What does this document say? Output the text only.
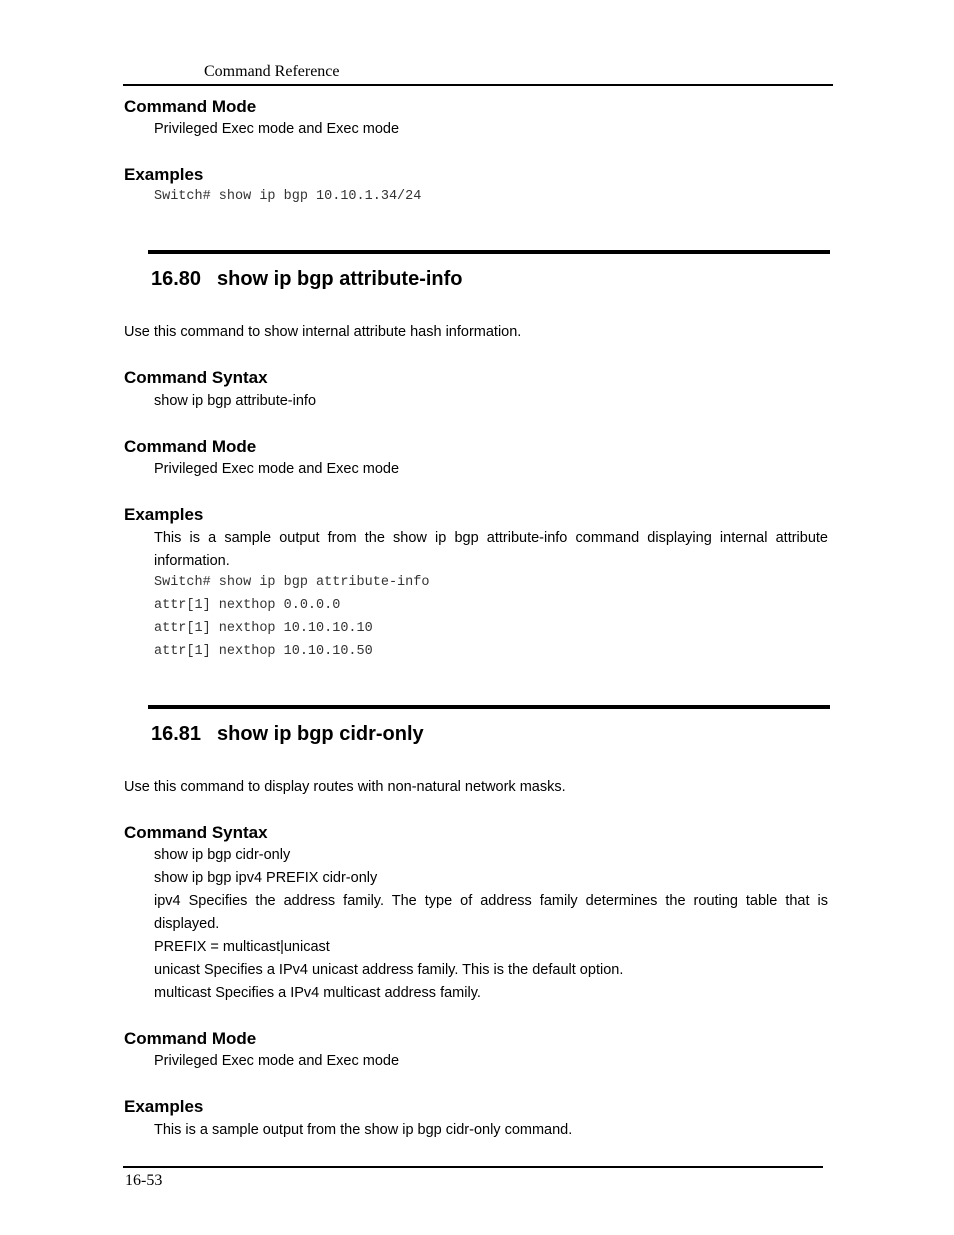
Command Reference
Command Mode
Privileged Exec mode and Exec mode
Examples
Switch# show ip bgp 10.10.1.34/24
16.80 show ip bgp attribute-info
Use this command to show internal attribute hash information.
Command Syntax
show ip bgp attribute-info
Command Mode
Privileged Exec mode and Exec mode
Examples
This is a sample output from the show ip bgp attribute-info command displaying internal attribute
information.
Switch# show ip bgp attribute-info
attr[1] nexthop 0.0.0.0
attr[1] nexthop 10.10.10.10
attr[1] nexthop 10.10.10.50
16.81 show ip bgp cidr-only
Use this command to display routes with non-natural network masks.
Command Syntax
show ip bgp cidr-only
show ip bgp ipv4 PREFIX cidr-only
ipv4 Specifies the address family. The type of address family determines the routing table that is
displayed.
PREFIX = multicast|unicast
unicast Specifies a IPv4 unicast address family. This is the default option.
multicast Specifies a IPv4 multicast address family.
Command Mode
Privileged Exec mode and Exec mode
Examples
This is a sample output from the show ip bgp cidr-only command.
16-53
